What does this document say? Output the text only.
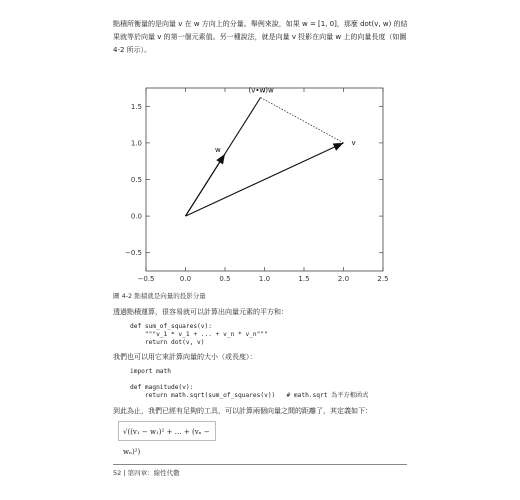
點積所衡量的是向量 v 在 w 方向上的分量。舉例來說，如果 w = [1, 0]，那麼 dot(v, w) 的結果就等於向量 v 的第一個元素值。另一種說法，就是向量 v 投影在向量 w 上的向量長度（如圖 4-2 所示）。
−0.5	0.0	0.5	1.0	1.5	2.0	2.5
−0.5
0.0
0.5
1.0
1.5
(v•w)w
w
v
圖 4-2 點積就是向量的投影分量
透過點積運算，很容易就可以計算出向量元素的平方和：
def sum_of_squares(v):
"""v_1 * v_1 + ... + v_n * v_n"""
return dot(v, v)
我們也可以用它來計算向量的大小（或長度）：
import math

def magnitude(v):
return math.sqrt(sum_of_squares(v))   # math.sqrt 為平方根函式
到此為止，我們已經有足夠的工具，可以計算兩個向量之間的距離了，其定義如下：
√((v₁ − w₁)² + … + (vₙ − wₙ)²)
52 | 第四章：線性代數
